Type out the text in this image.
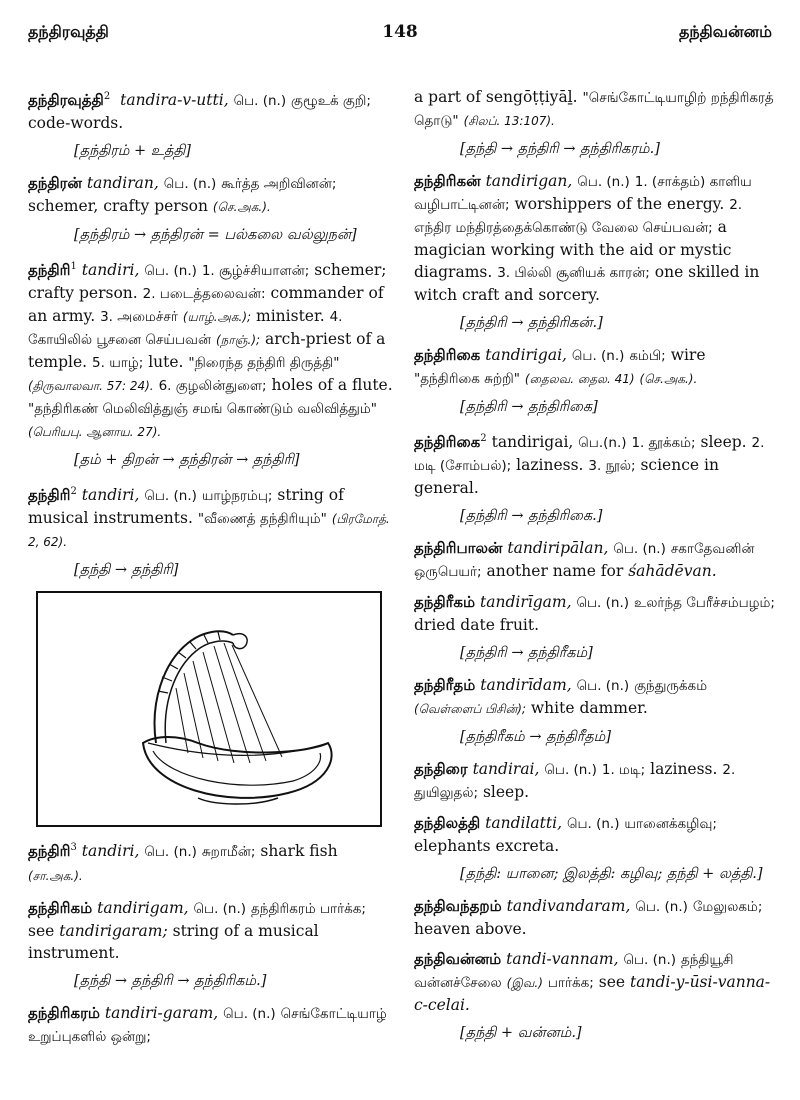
தந்திரவுத்தி	148	தந்திவன்னம்
தந்திரவுத்தி$^2$ tandira-v-utti, பெ. (n.) குழூஉக் குறி; code-words.
[தந்திரம் + உத்தி]
தந்திரன் tandiran, பெ. (n.) கூர்த்த அறிவினன்; schemer, crafty person (செ.அக.).
[தந்திரம் → தந்திரன் = பல்கலை வல்லுநன்]
தந்திரி$^1$ tandiri, பெ. (n.) 1. சூழ்ச்சியாளன்; schemer; crafty person. 2. படைத்தலைவன்: commander of an army. 3. அமைச்சர் (யாழ்.அக.); minister. 4. கோயிலில் பூசனை செய்பவன் (நாஞ்.); arch-priest of a temple. 5. யாழ்; lute. "நிரைந்த தந்திரி திருத்தி" (திருவாலவா. 57: 24). 6. குழலின்துளை; holes of a flute. "தந்திரிகண் மெலிவித்துஞ் சமங் கொண்டும் வலிவித்தும்" (பெரியபு. ஆனாய. 27).
[தம் + திறன் → தந்திரன் → தந்திரி]
தந்திரி$^2$ tandiri, பெ. (n.) யாழ்நரம்பு; string of musical instruments. "வீணைத் தந்திரியும்" (பிரமோத். 2, 62).
[தந்தி → தந்திரி]
தந்திரி$^3$ tandiri, பெ. (n.) சுறாமீன்; shark fish (சா.அக.).
தந்திரிகம் tandirigam, பெ. (n.) தந்திரிகரம் பார்க்க; see tandirigaram; string of a musical instrument.
[தந்தி → தந்திரி → தந்திரிகம்.]
தந்திரிகரம் tandiri-garam, பெ. (n.) செங்கோட்டியாழ் உறுப்புகளில் ஒன்று;
a part of sengōṭṭiyāḻ. "செங்கோட்டியாழிற் றந்திரிகரத் தொடு" (சிலப். 13:107).
[தந்தி → தந்திரி → தந்திரிகரம்.]
தந்திரிகன் tandirigan, பெ. (n.) 1. (சாக்தம்) காளிய வழிபாட்டினன்; worshippers of the energy. 2. எந்திர மந்திரத்தைக்கொண்டு வேலை செய்பவன்; a magician working with the aid or mystic diagrams. 3. பில்லி சூனியக் காரன்; one skilled in witch craft and sorcery.
[தந்திரி → தந்திரிகன்.]
தந்திரிகை tandirigai, பெ. (n.) கம்பி; wire "தந்திரிகை சுற்றி" (தைலவ. தைல. 41) (செ.அக.).
[தந்திரி → தந்திரிகை]
தந்திரிகை$^2$ tandirigai, பெ.(n.) 1. தூக்கம்; sleep. 2. மடி (சோம்பல்); laziness. 3. நூல்; science in general.
[தந்திரி → தந்திரிகை.]
தந்திரிபாலன் tandiripālan, பெ. (n.) சகாதேவனின் ஒருபெயர்; another name for śahādēvan.
தந்திரீகம் tandirīgam, பெ. (n.) உலர்ந்த பேரீச்சம்பழம்; dried date fruit.
[தந்திரி → தந்திரீகம்]
தந்திரீதம் tandirīdam, பெ. (n.) குந்துருக்கம் (வெள்ளைப் பிசின்); white dammer.
[தந்திரீகம் → தந்திரீதம்]
தந்திரை tandirai, பெ. (n.) 1. மடி; laziness. 2. துயிலுதல்; sleep.
தந்திலத்தி tandilatti, பெ. (n.) யானைக்கழிவு; elephants excreta.
[தந்தி: யானை; இலத்தி: கழிவு; தந்தி + லத்தி.]
தந்திவந்தறம் tandivandaram, பெ. (n.) மேலுலகம்; heaven above.
தந்திவன்னம் tandi-vannam, பெ. (n.) தந்தியூசி வன்னச்சேலை (இவ.) பார்க்க; see tandi-y-ūsi-vanna-c-celai.
[தந்தி + வன்னம்.]
